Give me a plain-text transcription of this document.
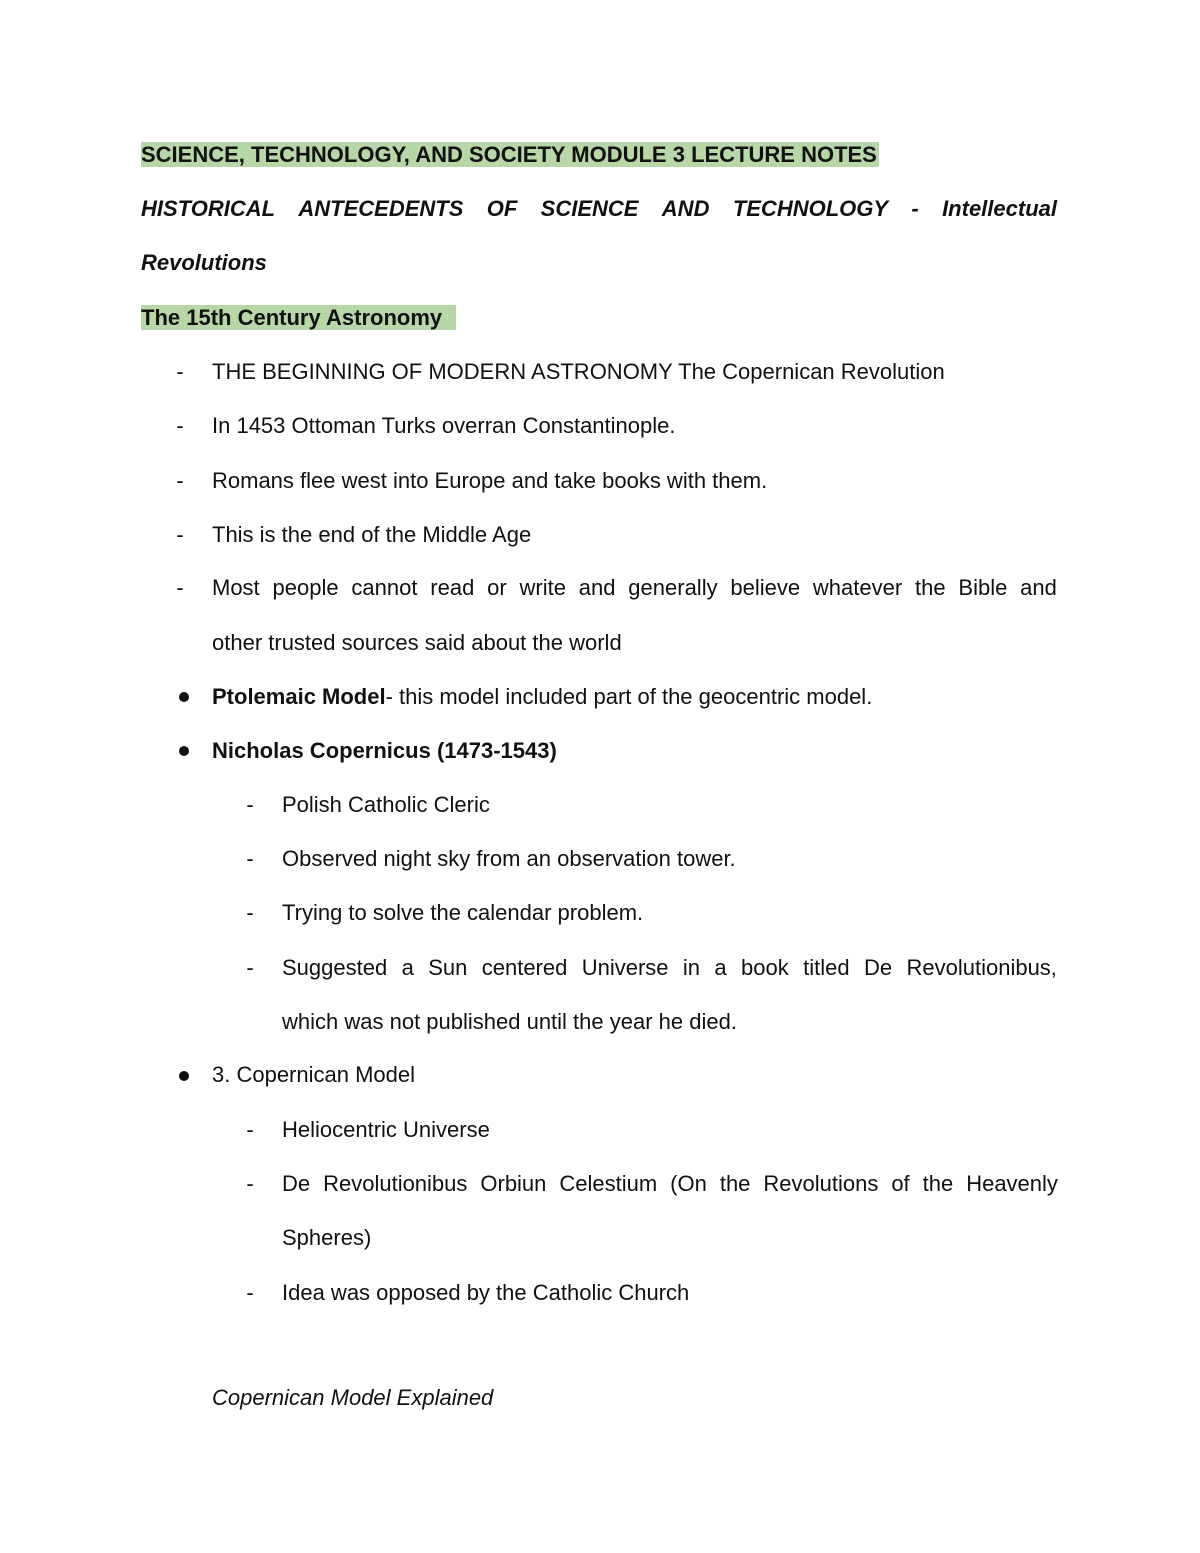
SCIENCE, TECHNOLOGY, AND SOCIETY MODULE 3 LECTURE NOTES
HISTORICAL ANTECEDENTS OF SCIENCE AND TECHNOLOGY - Intellectual
Revolutions
The 15th Century Astronomy
- THE BEGINNING OF MODERN ASTRONOMY The Copernican Revolution
- In 1453 Ottoman Turks overran Constantinople.
- Romans flee west into Europe and take books with them.
- This is the end of the Middle Age
- Most people cannot read or write and generally believe whatever the Bible and
other trusted sources said about the world
Ptolemaic Model- this model included part of the geocentric model.
Nicholas Copernicus (1473-1543)
- Polish Catholic Cleric
- Observed night sky from an observation tower.
- Trying to solve the calendar problem.
- Suggested a Sun centered Universe in a book titled De Revolutionibus,
which was not published until the year he died.
3. Copernican Model
- Heliocentric Universe
- De Revolutionibus Orbiun Celestium (On the Revolutions of the Heavenly
Spheres)
- Idea was opposed by the Catholic Church
Copernican Model Explained
